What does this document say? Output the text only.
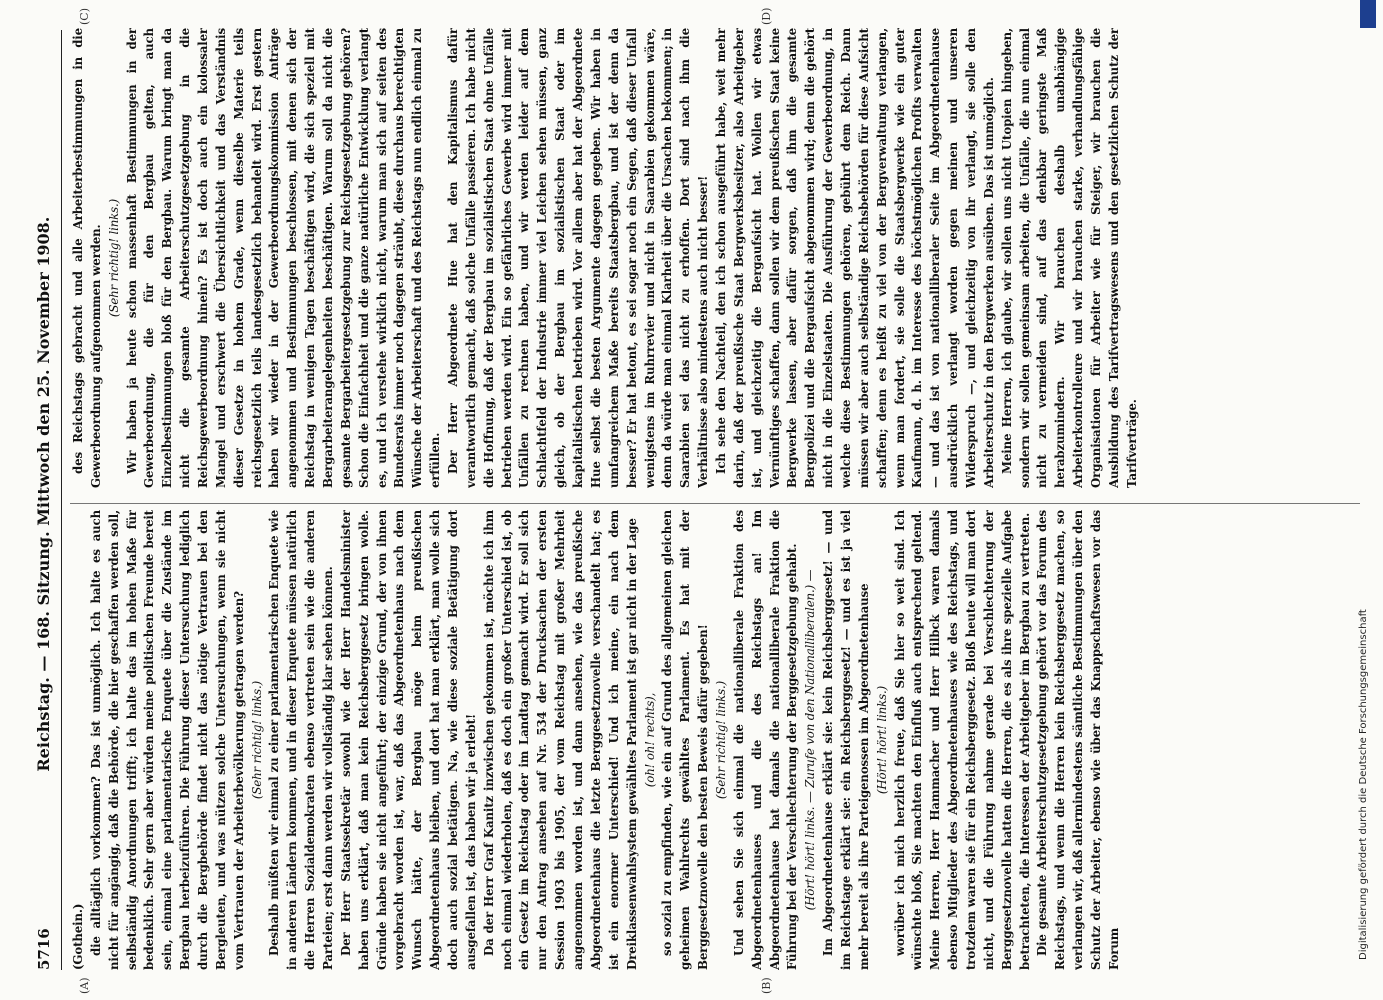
5716
Reichstag. — 168. Sitzung. Mittwoch den 25. November 1908.
(A)	(B)
(C)	(D)

(Gothein.) die alltäglich vorkommen? Das ist unmöglich. Ich halte es auch nicht für angängig, daß die Behörde, die hier geschaffen werden soll, selbständig Anordnungen trifft; ich halte das im hohen Maße für bedenklich. Sehr gern aber würden meine politischen Freunde bereit sein, einmal eine parlamentarische Enquete über die Zustände im Bergbau herbeizuführen. Die Führung dieser Untersuchung lediglich durch die Bergbehörde findet nicht das nötige Vertrauen bei den Bergleuten, und was nützen solche Untersuchungen, wenn sie nicht vom Vertrauen der Arbeiterbevölkerung getragen werden? (Sehr richtig! links.) Deshalb müßten wir einmal zu einer parlamentarischen Enquete wie in anderen Ländern kommen, und in dieser Enquete müssen natürlich die Herren Sozialdemokraten ebenso vertreten sein wie die anderen Parteien; erst dann werden wir vollständig klar sehen können. Der Herr Staatssekretär sowohl wie der Herr Handelsminister haben uns erklärt, daß man kein Reichsberggesetz bringen wolle. Gründe haben sie nicht angeführt; der einzige Grund, der von ihnen vorgebracht worden ist, war, daß das Abgeordnetenhaus nach dem Wunsch hätte, der Bergbau möge beim preußischen Abgeordnetenhaus bleiben, und dort hat man erklärt, man wolle sich doch auch sozial betätigen. Na, wie diese soziale Betätigung dort ausgefallen ist, das haben wir ja erlebt! Da der Herr Graf Kanitz inzwischen gekommen ist, möchte ich ihm noch einmal wiederholen, daß es doch ein großer Unterschied ist, ob ein Gesetz im Reichstag oder im Landtag gemacht wird. Er soll sich nur den Antrag ansehen auf Nr. 534 der Drucksachen der ersten Session 1903 bis 1905, der vom Reichstag mit großer Mehrheit angenommen worden ist, und dann ansehen, wie das preußische Abgeordnetenhaus die letzte Berggesetznovelle verschandelt hat; es ist ein enormer Unterschied! Und ich meine, ein nach dem Dreiklassenwahlsystem gewähltes Parlament ist gar nicht in der Lage (oh! oh! rechts), so sozial zu empfinden, wie ein auf Grund des allgemeinen gleichen geheimen Wahlrechts gewähltes Parlament. Es hat mit der Berggesetznovelle den besten Beweis dafür gegeben! (Sehr richtig! links.) Und sehen Sie sich einmal die nationalliberale Fraktion des Abgeordnetenhauses und die des Reichstags an! Im Abgeordnetenhause hat damals die nationalliberale Fraktion die Führung bei der Verschlechterung der Berggesetzgebung gehabt. (Hört! hört! links. — Zurufe von den Nationalliberalen.) — Im Abgeordnetenhause erklärt sie: kein Reichsberggesetz! — und im Reichstage erklärt sie: ein Reichsberggesetz! — und es ist ja viel mehr bereit als ihre Parteigenossen im Abgeordnetenhause (Hört! hört! links.) worüber ich mich herzlich freue, daß Sie hier so weit sind. Ich wünschte bloß, Sie machten den Einfluß auch entsprechend geltend. Meine Herren, Herr Hammacher und Herr Hilbck waren damals ebenso Mitglieder des Abgeordnetenhauses wie des Reichstags, und trotzdem waren sie für ein Reichsberggesetz. Bloß heute will man dort nicht, und die Führung nahme gerade bei Verschlechterung der Berggesetznovelle hatten die Herren, die es als ihre spezielle Aufgabe betrachteten, die Interessen der Arbeitgeber im Bergbau zu vertreten. Die gesamte Arbeiterschutzgesetzgebung gehört vor das Forum des Reichstags, und wenn die Herren kein Reichsberggesetz machen, so verlangen wir, daß allermindestens sämtliche Bestimmungen über den Schutz der Arbeiter, ebenso wie über das Knappschaftswesen vor das Forum

des Reichstags gebracht und alle Arbeiterbestimmungen in die Gewerbeordnung aufgenommen werden. (Sehr richtig! links.) Wir haben ja heute schon massenhaft Bestimmungen in der Gewerbeordnung, die für den Bergbau gelten, auch Einzelbestimmungen bloß für den Bergbau. Warum bringt man da nicht die gesamte Arbeiterschutzgesetzgebung in die Reichsgewerbeordnung hinein? Es ist doch auch ein kolossaler Mangel und erschwert die Übersichtlichkeit und das Verständnis dieser Gesetze in hohem Grade, wenn dieselbe Materie teils reichsgesetzlich teils landesgesetzlich behandelt wird. Erst gestern haben wir wieder in der Gewerbeordnungskommission Anträge angenommen und Bestimmungen beschlossen, mit denen sich der Reichstag in wenigen Tagen beschäftigen wird, die sich speziell mit Bergarbeiterangelegenheiten beschäftigen. Warum soll da nicht die gesamte Bergarbeitergesetzgebung zur Reichsgesetzgebung gehören? Schon die Einfachheit und die ganze natürliche Entwicklung verlangt es, und ich verstehe wirklich nicht, warum man sich auf seiten des Bundesrats immer noch dagegen sträubt, diese durchaus berechtigten Wünsche der Arbeiterschaft und des Reichstags nun endlich einmal zu erfüllen. Der Herr Abgeordnete Hue hat den Kapitalismus dafür verantwortlich gemacht, daß solche Unfälle passieren. Ich habe nicht die Hoffnung, daß der Bergbau im sozialistischen Staat ohne Unfälle betrieben werden wird. Ein so gefährliches Gewerbe wird immer mit Unfällen zu rechnen haben, und wir werden leider auf dem Schlachtfeld der Industrie immer viel Leichen sehen müssen, ganz gleich, ob der Bergbau im sozialistischen Staat oder im kapitalistischen betrieben wird. Vor allem aber hat der Abgeordnete Hue selbst die besten Argumente dagegen gegeben. Wir haben in umfangreichem Maße bereits Staatsbergbau, und ist der denn da besser? Er hat betont, es sei sogar noch ein Segen, daß dieser Unfall wenigstens im Ruhrrevier und nicht in Saarabien gekommen wäre, denn da würde man einmal Klarheit über die Ursachen bekommen; in Saarabien sei das nicht zu erhoffen. Dort sind nach ihm die Verhältnisse also mindestens auch nicht besser! Ich sehe den Nachteil, den ich schon ausgeführt habe, weit mehr darin, daß der preußische Staat Bergwerksbesitzer, also Arbeitgeber ist, und gleichzeitig die Bergaufsicht hat. Wollen wir etwas Vernünftiges schaffen, dann sollen wir dem preußischen Staat keine Bergwerke lassen, aber dafür sorgen, daß ihm die gesamte Bergpolizei und die Bergaufsicht abgenommen wird; denn die gehört nicht in die Einzelstaaten. Die Ausführung der Gewerbeordnung, in welche diese Bestimmungen gehören, gebührt dem Reich. Dann müssen wir aber auch selbständige Reichsbehörden für diese Aufsicht schaffen; denn es heißt zu viel von der Bergverwaltung verlangen, wenn man fordert, sie solle die Staatsbergwerke wie ein guter Kaufmann, d. h. im Interesse des höchstmöglichen Profits verwalten — und das ist von nationalliberaler Seite im Abgeordnetenhause ausdrücklich verlangt worden gegen meinen und unseren Widerspruch —, und gleichzeitig von ihr verlangt, sie solle den Arbeiterschutz in den Bergwerken ausüben. Das ist unmöglich. Meine Herren, ich glaube, wir sollen uns nicht Utopien hingeben, sondern wir sollen gemeinsam arbeiten, die Unfälle, die nun einmal nicht zu vermeiden sind, auf das denkbar geringste Maß herabzumindern. Wir brauchen deshalb unabhängige Arbeiterkontrolleure und wir brauchen starke, verhandlungsfähige Organisationen für Arbeiter wie für Steiger, wir brauchen die Ausbildung des Tarifvertragswesens und den gesetzlichen Schutz der Tarifverträge.

Digitalisierung gefördert durch die Deutsche Forschungsgemeinschaft
